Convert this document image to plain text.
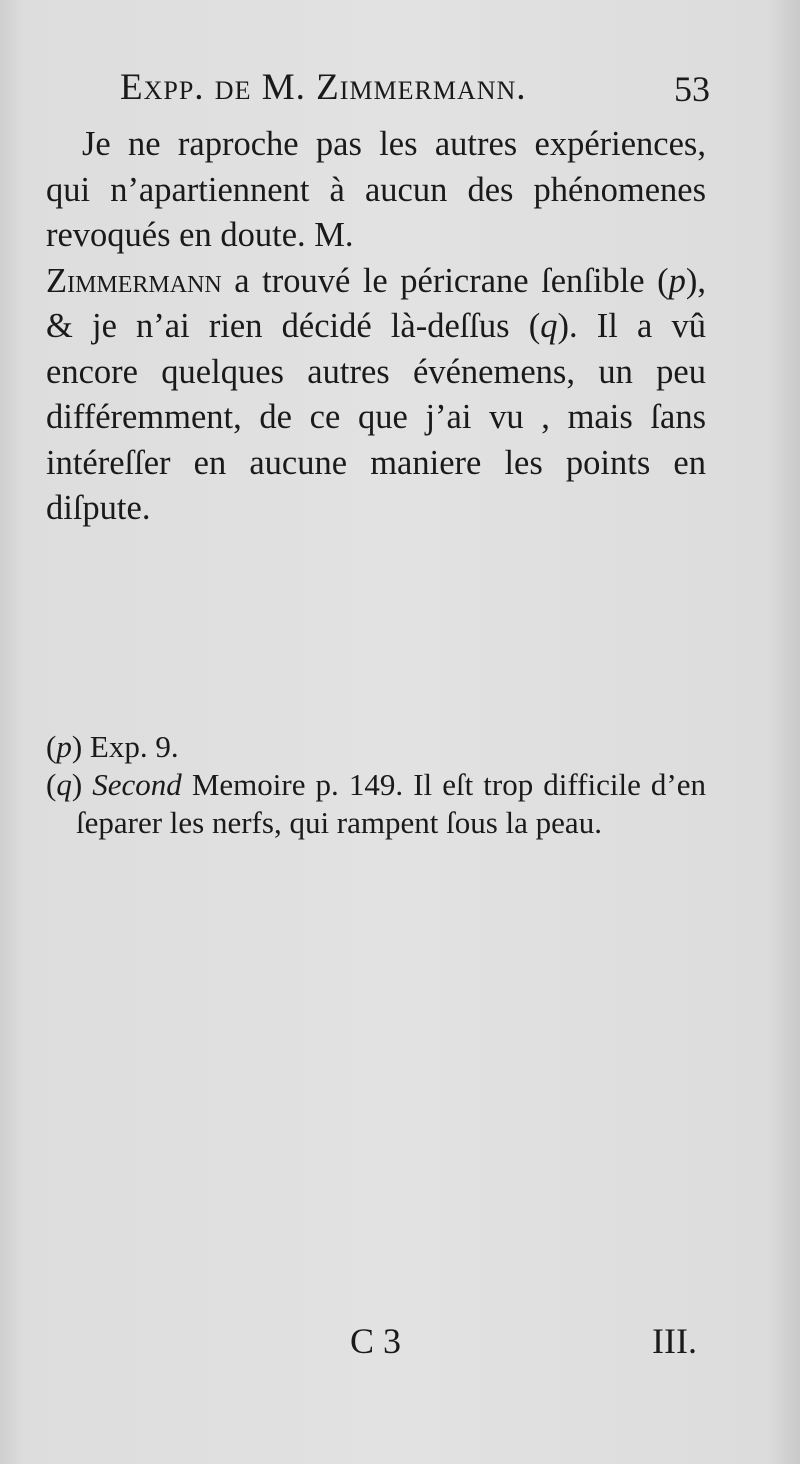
Expp. de M. Zimmermann.	53
Je ne raproche pas les autres expériences, qui n’apartiennent à aucun des phénomenes revoqués en doute. M.
Zimmermann a trouvé le péricrane ſenſible (p), & je n’ai rien décidé là-deſſus (q). Il a vû encore quelques autres événemens, un peu différemment, de ce que j’ai vu , mais ſans intéreſſer en aucune maniere les points en diſpute.

(p) Exp. 9.

(q) Second Memoire p. 149. Il eſt trop difficile d’en ſeparer les nerfs, qui rampent ſous la peau.

C 3	III.
